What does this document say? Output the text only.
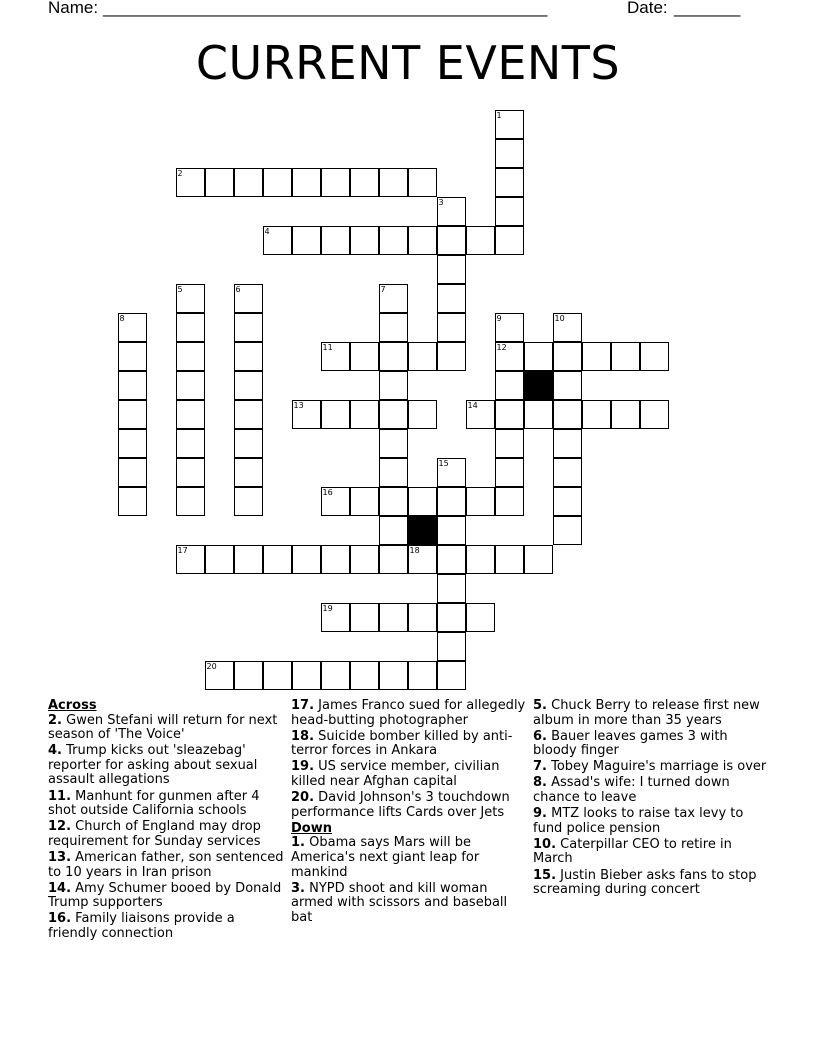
Name: _______________________________________________	Date: _______
CURRENT EVENTS
1
2
3
4
5	6	7
8	9	10
11	12
13	14
15
16
17	18
19
20

Across

2. Gwen Stefani will return for next season of 'The Voice'

4. Trump kicks out 'sleazebag' reporter for asking about sexual assault allegations

11. Manhunt for gunmen after 4 shot outside California schools

12. Church of England may drop requirement for Sunday services

13. American father, son sentenced to 10 years in Iran prison

14. Amy Schumer booed by Donald Trump supporters

16. Family liaisons provide a friendly connection

17. James Franco sued for allegedly head-butting photographer

18. Suicide bomber killed by anti-terror forces in Ankara

19. US service member, civilian killed near Afghan capital

20. David Johnson's 3 touchdown performance lifts Cards over Jets

Down

1. Obama says Mars will be America's next giant leap for mankind

3. NYPD shoot and kill woman armed with scissors and baseball bat

5. Chuck Berry to release first new album in more than 35 years

6. Bauer leaves games 3 with bloody finger

7. Tobey Maguire's marriage is over

8. Assad's wife: I turned down chance to leave

9. MTZ looks to raise tax levy to fund police pension

10. Caterpillar CEO to retire in March

15. Justin Bieber asks fans to stop screaming during concert
